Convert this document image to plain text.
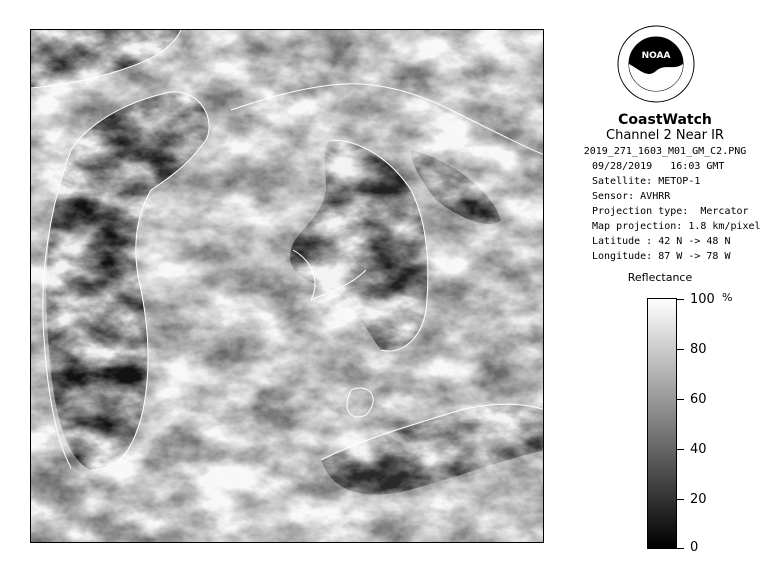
NOAA
CoastWatch
Channel 2 Near IR
2019_271_1603_M01_GM_C2.PNG
09/28/2019   16:03 GMT
Satellite: METOP-1
Sensor: AVHRR
Projection type:  Mercator
Map projection: 1.8 km/pixel
Latitude : 42 N -> 48 N
Longitude: 87 W -> 78 W
Reflectance
%
100
80
60
40
20
0
